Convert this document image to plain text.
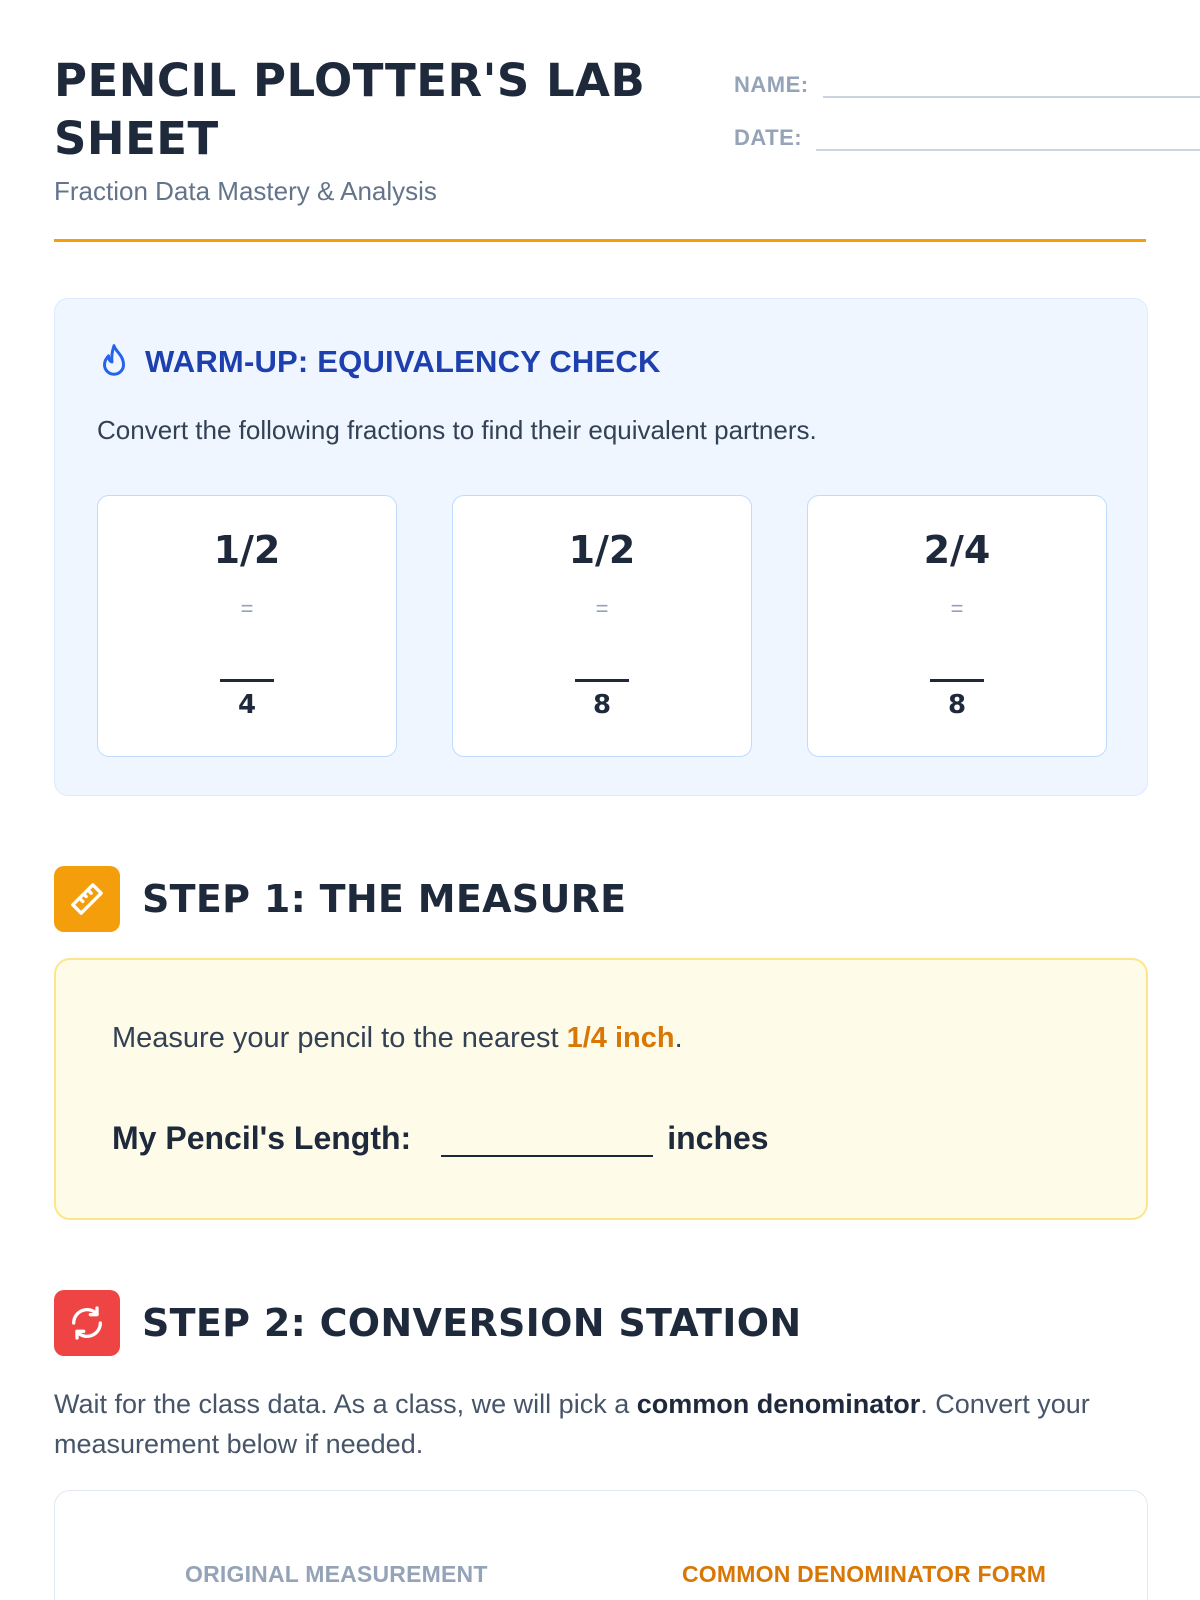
PENCIL PLOTTER'S LAB SHEET
Fraction Data Mastery & Analysis
NAME:
DATE:
WARM-UP: EQUIVALENCY CHECK
Convert the following fractions to find their equivalent partners.
1/2
=
4
1/2
=
8
2/4
=
8
STEP 1: THE MEASURE
Measure your pencil to the nearest 1/4 inch.
My Pencil's Length:	inches
STEP 2: CONVERSION STATION
Wait for the class data. As a class, we will pick a common denominator. Convert your measurement below if needed.
ORIGINAL MEASUREMENT	COMMON DENOMINATOR FORM
